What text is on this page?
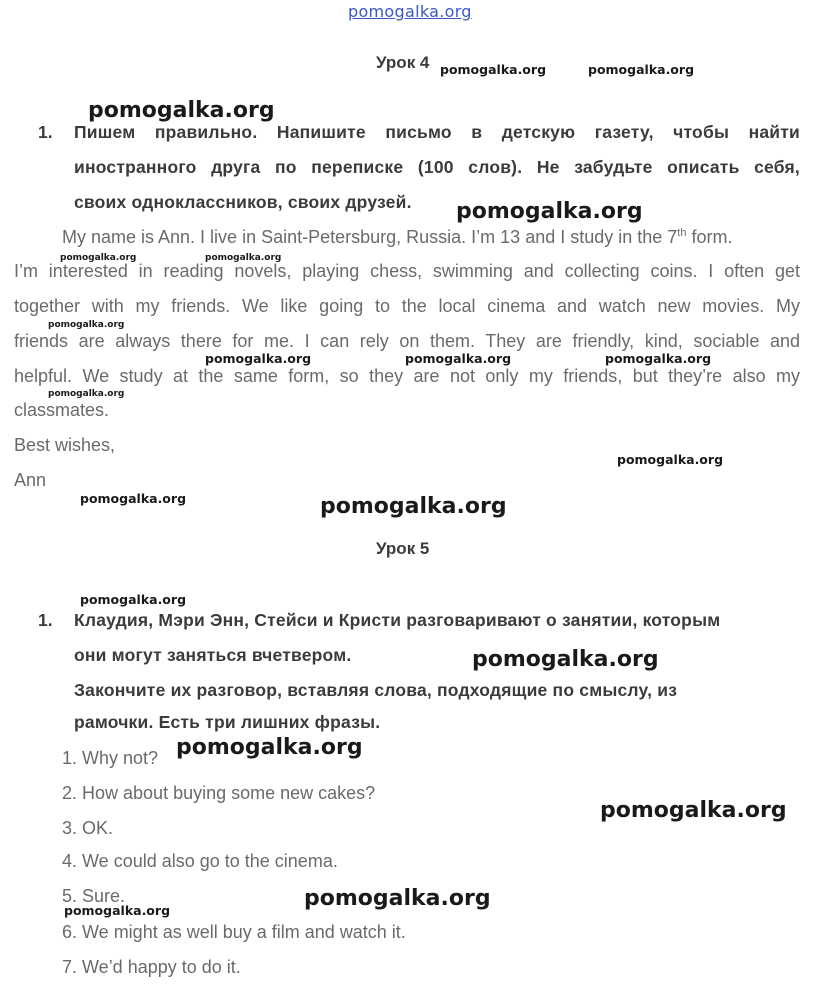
pomogalka.org
Урок 4
1. Пишем правильно. Напишите письмо в детскую газету, чтобы найти
иностранного друга по переписке (100 слов). Не забудьте описать себя,
своих одноклассников, своих друзей.
My name is Ann. I live in Saint-Petersburg, Russia. I’m 13 and I study in the 7th form.
I’m interested in reading novels, playing chess, swimming and collecting coins. I often get
together with my friends. We like going to the local cinema and watch new movies. My
friends are always there for me. I can rely on them. They are friendly, kind, sociable and
helpful. We study at the same form, so they are not only my friends, but they’re also my
classmates.
Best wishes,
Ann
Урок 5
1. Клаудия, Мэри Энн, Стейси и Кристи разговаривают о занятии, которым
они могут заняться вчетвером.
Закончите их разговор, вставляя слова, подходящие по смыслу, из
рамочки. Есть три лишних фразы.
1. Why not?
2. How about buying some new cakes?
3. OK.
4. We could also go to the cinema.
5. Sure.
6. We might as well buy a film and watch it.
7. We’d happy to do it.
pomogalka.org	pomogalka.org
pomogalka.org
pomogalka.org
pomogalka.org	pomogalka.org
pomogalka.org
pomogalka.org	pomogalka.org	pomogalka.org
pomogalka.org
pomogalka.org
pomogalka.org	pomogalka.org
pomogalka.org
pomogalka.org
pomogalka.org
pomogalka.org
pomogalka.org
pomogalka.org
